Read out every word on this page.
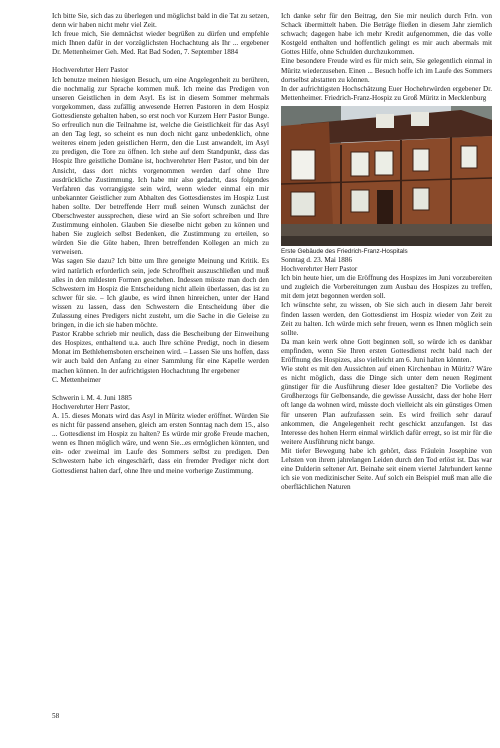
Ich bitte Sie, sich das zu überlegen und möglichst bald in die Tat zu setzen, denn wir haben nicht mehr viel Zeit.

Ich freue mich, Sie demnächst wieder begrüßen zu dürfen und empfehle mich Ihnen dafür in der vorzüglichsten Hochachtung als Ihr ... ergebener Dr. Mettenheimer Geh. Med. Rat Bad Soden, 7. September 1884

Hochverehrter Herr Pastor

Ich benutze meinen hiesigen Besuch, um eine Angelegenheit zu berühren, die nochmalig zur Sprache kommen muß. Ich meine das Predigen von unseren Geistlichen in dem Asyl. Es ist in diesem Sommer mehrmals vorgekommen, dass zufällig anwesende Herren Pastoren in dem Hospiz Gottesdienste gehalten haben, so erst noch vor Kurzem Herr Pastor Bunge. So erfreulich nun die Teilnahme ist, welche die Geistlichkeit für das Asyl an den Tag legt, so scheint es nun doch nicht ganz unbedenklich, ohne weiteres einem jeden geistlichen Herrn, den die Lust anwandelt, im Asyl zu predigen, die Tore zu öffnen. Ich stehe auf dem Standpunkt, dass das Hospiz Ihre geistliche Domäne ist, hochverehrter Herr Pastor, und bin der Ansicht, dass dort nichts vorgenommen werden darf ohne Ihre ausdrückliche Zustimmung. Ich habe mir also gedacht, dass folgendes Verfahren das vorrangigste sein wird, wenn wieder einmal ein mir unbekannter Geistlicher zum Abhalten des Gottesdienstes im Hospiz Lust haben sollte. Der betreffende Herr muß seinen Wunsch zunächst der Oberschwester aussprechen, diese wird an Sie sofort schreiben und Ihre Zustimmung einholen. Glauben Sie dieselbe nicht geben zu können und haben Sie zugleich selbst Bedenken, die Zustimmung zu erteilen, so würden Sie die Güte haben, Ihren betreffenden Kollegen an mich zu verweisen.

Was sagen Sie dazu? Ich bitte um Ihre geneigte Meinung und Kritik. Es wird natürlich erforderlich sein, jede Schroffheit auszuschließen und muß alles in den mildesten Formen geschehen. Indessen müsste man doch den Schwestern im Hospiz die Entscheidung nicht allein überlassen, das ist zu schwer für sie. – Ich glaube, es wird ihnen hinreichen, unter der Hand wissen zu lassen, dass den Schwestern die Entscheidung über die Zulassung eines Predigers nicht zusteht, um die Sache in die Geleise zu bringen, in die ich sie haben möchte.

Pastor Krabbe schrieb mir neulich, dass die Bescheibung der Einweihung des Hospizes, enthaltend u.a. auch Ihre schöne Predigt, noch in diesem Monat im Bethlehemsboten erscheinen wird. – Lassen Sie uns hoffen, dass wir auch bald den Anfang zu einer Sammlung für eine Kapelle werden machen können. In der aufrichtigsten Hochachtung Ihr ergebener

C. Mettenheimer

Schwerin i. M. 4. Juni 1885

Hochverehrter Herr Pastor,

A. 15. dieses Monats wird das Asyl in Müritz wieder eröffnet. Würden Sie es nicht für passend ansehen, gleich am ersten Sonntag nach dem 15., also ... Gottesdienst im Hospiz zu halten? Es würde mir große Freude machen, wenn es Ihnen möglich wäre, und wenn Sie...es ermöglichen könnten, und ein- oder zweimal im Laufe des Sommers selbst zu predigen. Den Schwestern habe ich eingeschärft, dass ein fremder Prediger nicht dort Gottesdienst halten darf, ohne Ihre und meine vorherige Zustimmung.

Ich danke sehr für den Beitrag, den Sie mir neulich durch Frln. von Schack übermittelt haben. Die Beträge fließen in diesem Jahr ziemlich schwach; dagegen habe ich mehr Kredit aufgenommen, die das volle Kostgeld enthalten und hoffentlich gelingt es mir auch abermals mit Gottes Hilfe, ohne Schulden durchzukommen.

Eine besondere Freude wird es für mich sein, Sie gelegentlich einmal in Müritz wiederzusehen. Einen ... Besuch hoffe ich im Laufe des Sommers dortselbst abstatten zu können.

In der aufrichtigsten Hochschätzung Euer Hochehrwürden ergebener Dr. Mettenheimer. Friedrich-Franz-Hospiz zu Groß Müritz in Mecklenburg

Erste Gebäude des Friedrich-Franz-Hospitals

Sonntag d. 23. Mai 1886

Hochverehrter Herr Pastor

Ich bin heute hier, um die Eröffnung des Hospizes im Juni vorzubereiten und zugleich die Vorbereitungen zum Ausbau des Hospizes zu treffen, mit dem jetzt begonnen werden soll.

Ich wünschte sehr, zu wissen, ob Sie sich auch in diesem Jahr bereit finden lassen werden, den Gottesdienst im Hospiz wieder von Zeit zu Zeit zu halten. Ich würde mich sehr freuen, wenn es Ihnen möglich sein sollte.

Da man kein werk ohne Gott beginnen soll, so würde ich es dankbar empfinden, wenn Sie Ihren ersten Gottesdienst recht bald nach der Eröffnung des Hospizes, also vielleicht am 6. Juni halten könnten.

Wie steht es mit den Aussichten auf einen Kirchenbau in Müritz? Wäre es nicht möglich, dass die Dinge sich unter dem neuen Regiment günstiger für die Ausführung dieser Idee gestalten? Die Vorliebe des Großherzogs für Gelbensande, die gewisse Aussicht, dass der hohe Herr oft lange da wohnen wird, müsste doch vielleicht als ein günstiges Omen für unseren Plan aufzufassen sein. Es wird freilich sehr darauf ankommen, die Angelegenheit recht geschickt anzufangen. Ist das Interesse des hohen Herrn einmal wirklich dafür erregt, so ist mir für die weitere Ausführung nicht bange.

Mit tiefer Bewegung habe ich gehört, dass Fräulein Josephine von Lehsten von ihrem jahrelangen Leiden durch den Tod erlöst ist. Das war eine Dulderin seltener Art. Beinahe seit einem viertel Jahrhundert kenne ich sie von medizinischer Seite. Auf solch ein Beispiel muß man alle die oberflächlichen Naturen

58
